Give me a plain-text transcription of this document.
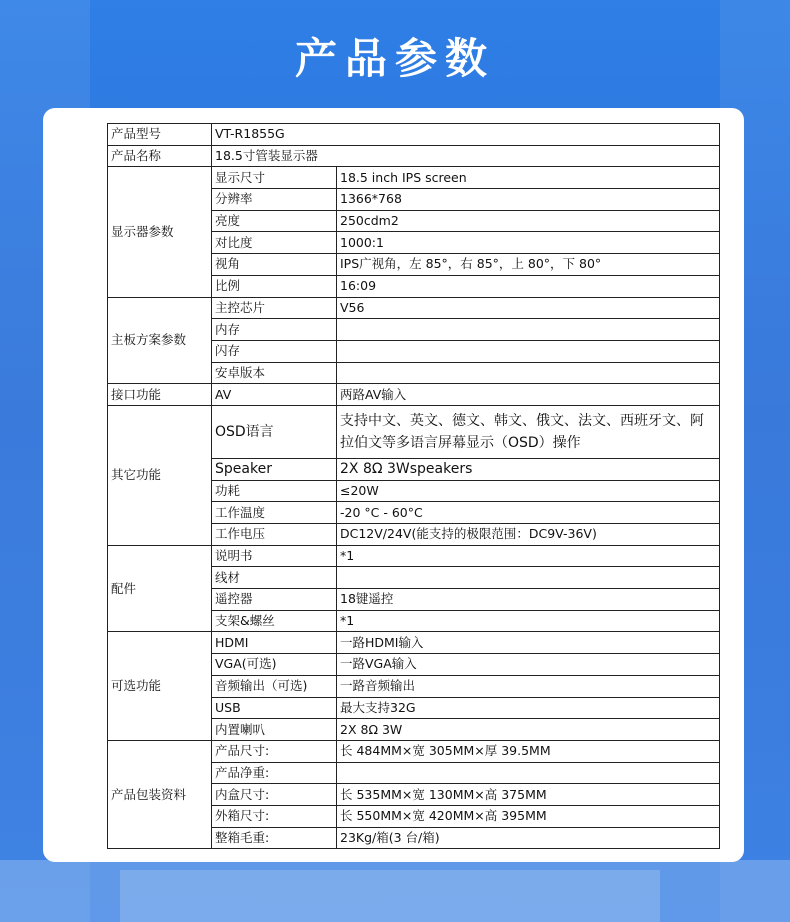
产品参数
产品型号	VT-R1855G	
产品名称	18.5寸管装显示器	
显示器参数	显示尺寸	18.5 inch IPS screen
	分辨率	1366*768
	亮度	250cdm2
	对比度	1000:1
	视角	IPS广视角，左 85°，右 85°，上 80°，下 80°
	比例	16:09
主板方案参数	主控芯片	V56
	内存	
	闪存	
	安卓版本	
接口功能	AV	两路AV输入
其它功能	OSD语言	支持中文、英文、德文、韩文、俄文、法文、西班牙文、阿拉伯文等多语言屏幕显示（OSD）操作
	Speaker	2X 8Ω 3Wspeakers
	功耗	≤20W
	工作温度	-20 °C - 60°C
	工作电压	DC12V/24V(能支持的极限范围：DC9V-36V)
配件	说明书	*1
	线材	
	遥控器	18键遥控
	支架&螺丝	*1
可选功能	HDMI	一路HDMI输入
	VGA(可选)	一路VGA输入
	音频输出（可选)	一路音频输出
	USB	最大支持32G
	内置喇叭	2X 8Ω 3W
产品包装资料	产品尺寸:	长 484MM×宽 305MM×厚 39.5MM
	产品净重:	
	内盒尺寸:	长 535MM×宽 130MM×高 375MM
	外箱尺寸:	长 550MM×宽 420MM×高 395MM
	整箱毛重:	23Kg/箱(3 台/箱)
